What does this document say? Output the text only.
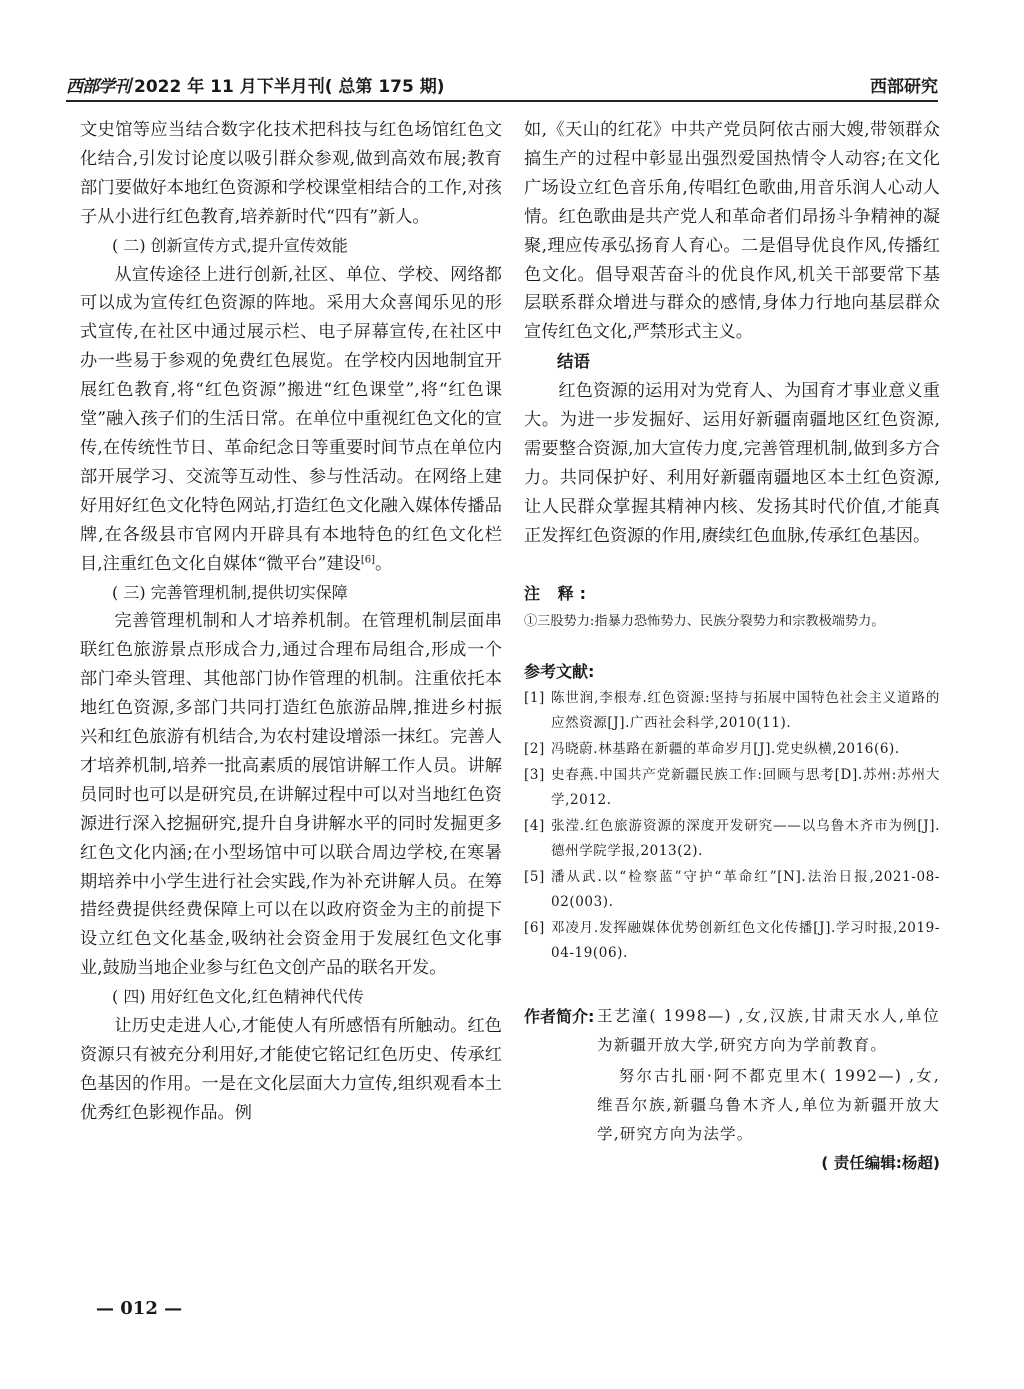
西部学刊 2022 年 11 月下半月刊( 总第 175 期)	西部研究
文史馆等应当结合数字化技术把科技与红色场馆红色文化结合,引发讨论度以吸引群众参观,做到高效布展;教育部门要做好本地红色资源和学校课堂相结合的工作,对孩子从小进行红色教育,培养新时代“四有”新人。
( 二) 创新宣传方式,提升宣传效能
从宣传途径上进行创新,社区、单位、学校、网络都可以成为宣传红色资源的阵地。采用大众喜闻乐见的形式宣传,在社区中通过展示栏、电子屏幕宣传,在社区中办一些易于参观的免费红色展览。在学校内因地制宜开展红色教育,将“红色资源”搬进“红色课堂”,将“红色课堂”融入孩子们的生活日常。在单位中重视红色文化的宣传,在传统性节日、革命纪念日等重要时间节点在单位内部开展学习、交流等互动性、参与性活动。在网络上建好用好红色文化特色网站,打造红色文化融入媒体传播品牌,在各级县市官网内开辟具有本地特色的红色文化栏目,注重红色文化自媒体“微平台”建设[6]。
( 三) 完善管理机制,提供切实保障
完善管理机制和人才培养机制。在管理机制层面串联红色旅游景点形成合力,通过合理布局组合,形成一个部门牵头管理、其他部门协作管理的机制。注重依托本地红色资源,多部门共同打造红色旅游品牌,推进乡村振兴和红色旅游有机结合,为农村建设增添一抹红。完善人才培养机制,培养一批高素质的展馆讲解工作人员。讲解员同时也可以是研究员,在讲解过程中可以对当地红色资源进行深入挖掘研究,提升自身讲解水平的同时发掘更多红色文化内涵;在小型场馆中可以联合周边学校,在寒暑期培养中小学生进行社会实践,作为补充讲解人员。在筹措经费提供经费保障上可以在以政府资金为主的前提下设立红色文化基金,吸纳社会资金用于发展红色文化事业,鼓励当地企业参与红色文创产品的联名开发。
( 四) 用好红色文化,红色精神代代传
让历史走进人心,才能使人有所感悟有所触动。红色资源只有被充分利用好,才能使它铭记红色历史、传承红色基因的作用。一是在文化层面大力宣传,组织观看本土优秀红色影视作品。例
如,《天山的红花》中共产党员阿依古丽大嫂,带领群众搞生产的过程中彰显出强烈爱国热情令人动容;在文化广场设立红色音乐角,传唱红色歌曲,用音乐润人心动人情。红色歌曲是共产党人和革命者们昂扬斗争精神的凝聚,理应传承弘扬育人育心。二是倡导优良作风,传播红色文化。倡导艰苦奋斗的优良作风,机关干部要常下基层联系群众增进与群众的感情,身体力行地向基层群众宣传红色文化,严禁形式主义。
结语
红色资源的运用对为党育人、为国育才事业意义重大。为进一步发掘好、运用好新疆南疆地区红色资源,需要整合资源,加大宣传力度,完善管理机制,做到多方合力。共同保护好、利用好新疆南疆地区本土红色资源,让人民群众掌握其精神内核、发扬其时代价值,才能真正发挥红色资源的作用,赓续红色血脉,传承红色基因。
注 释:
①三股势力:指暴力恐怖势力、民族分裂势力和宗教极端势力。
参考文献:
[1] 陈世润,李根寿.红色资源:坚持与拓展中国特色社会主义道路的应然资源[J].广西社会科学,2010(11).
[2] 冯晓蔚.林基路在新疆的革命岁月[J].党史纵横,2016(6).
[3] 史春燕.中国共产党新疆民族工作:回顾与思考[D].苏州:苏州大学,2012.
[4] 张滢.红色旅游资源的深度开发研究——以乌鲁木齐市为例[J].德州学院学报,2013(2).
[5] 潘从武.以“检察蓝”守护“革命红”[N].法治日报,2021-08-02(003).
[6] 邓凌月.发挥融媒体优势创新红色文化传播[J].学习时报,2019-04-19(06).
作者简介: 王艺潼( 1998—) ,女,汉族,甘肃天水人,单位为新疆开放大学,研究方向为学前教育。
努尔古扎丽·阿不都克里木( 1992—) ,女,维吾尔族,新疆乌鲁木齐人,单位为新疆开放大学,研究方向为法学。
( 责任编辑:杨超)
— 012 —
